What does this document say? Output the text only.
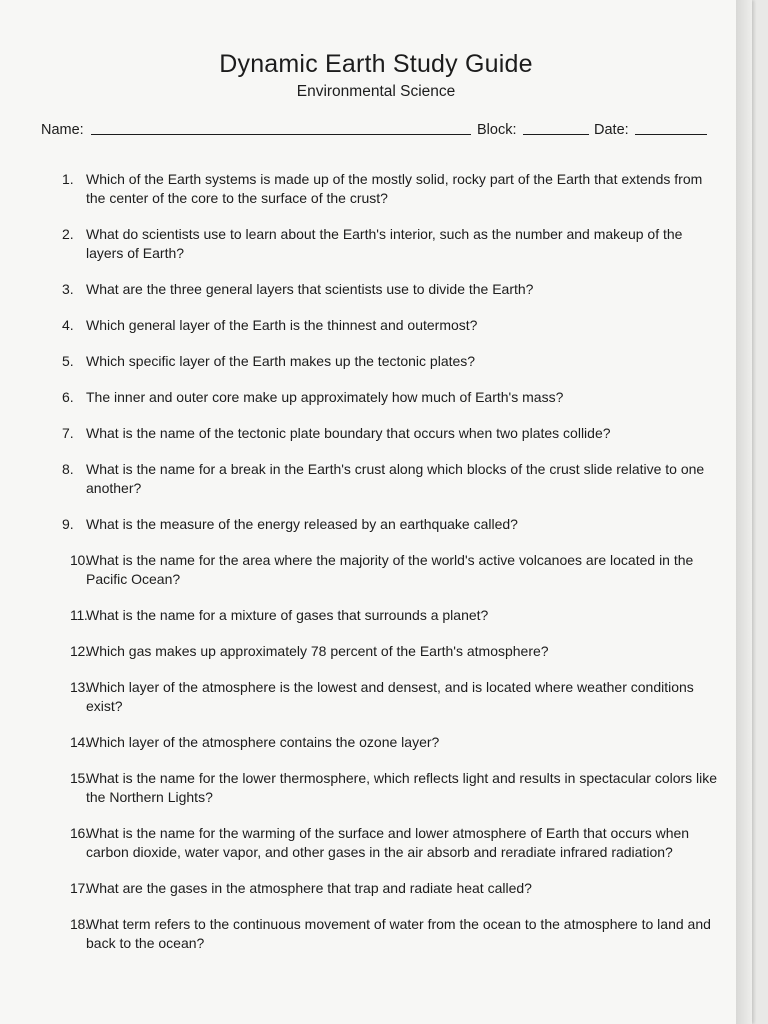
Dynamic Earth Study Guide
Environmental Science
Name:	Block:	Date:
1. Which of the Earth systems is made up of the mostly solid, rocky part of the Earth that extends from the center of the core to the surface of the crust?
2. What do scientists use to learn about the Earth's interior, such as the number and makeup of the layers of Earth?
3. What are the three general layers that scientists use to divide the Earth?
4. Which general layer of the Earth is the thinnest and outermost?
5. Which specific layer of the Earth makes up the tectonic plates?
6. The inner and outer core make up approximately how much of Earth's mass?
7. What is the name of the tectonic plate boundary that occurs when two plates collide?
8. What is the name for a break in the Earth's crust along which blocks of the crust slide relative to one another?
9. What is the measure of the energy released by an earthquake called?
10.
What is the name for the area where the majority of the world's active volcanoes are located in the Pacific Ocean?
11.
What is the name for a mixture of gases that surrounds a planet?
12.
Which gas makes up approximately 78 percent of the Earth's atmosphere?
13.
Which layer of the atmosphere is the lowest and densest, and is located where weather conditions exist?
14.
Which layer of the atmosphere contains the ozone layer?
15.
What is the name for the lower thermosphere, which reflects light and results in spectacular colors like the Northern Lights?
16.
What is the name for the warming of the surface and lower atmosphere of Earth that occurs when carbon dioxide, water vapor, and other gases in the air absorb and reradiate infrared radiation?
17.
What are the gases in the atmosphere that trap and radiate heat called?
18.
What term refers to the continuous movement of water from the ocean to the atmosphere to land and back to the ocean?
